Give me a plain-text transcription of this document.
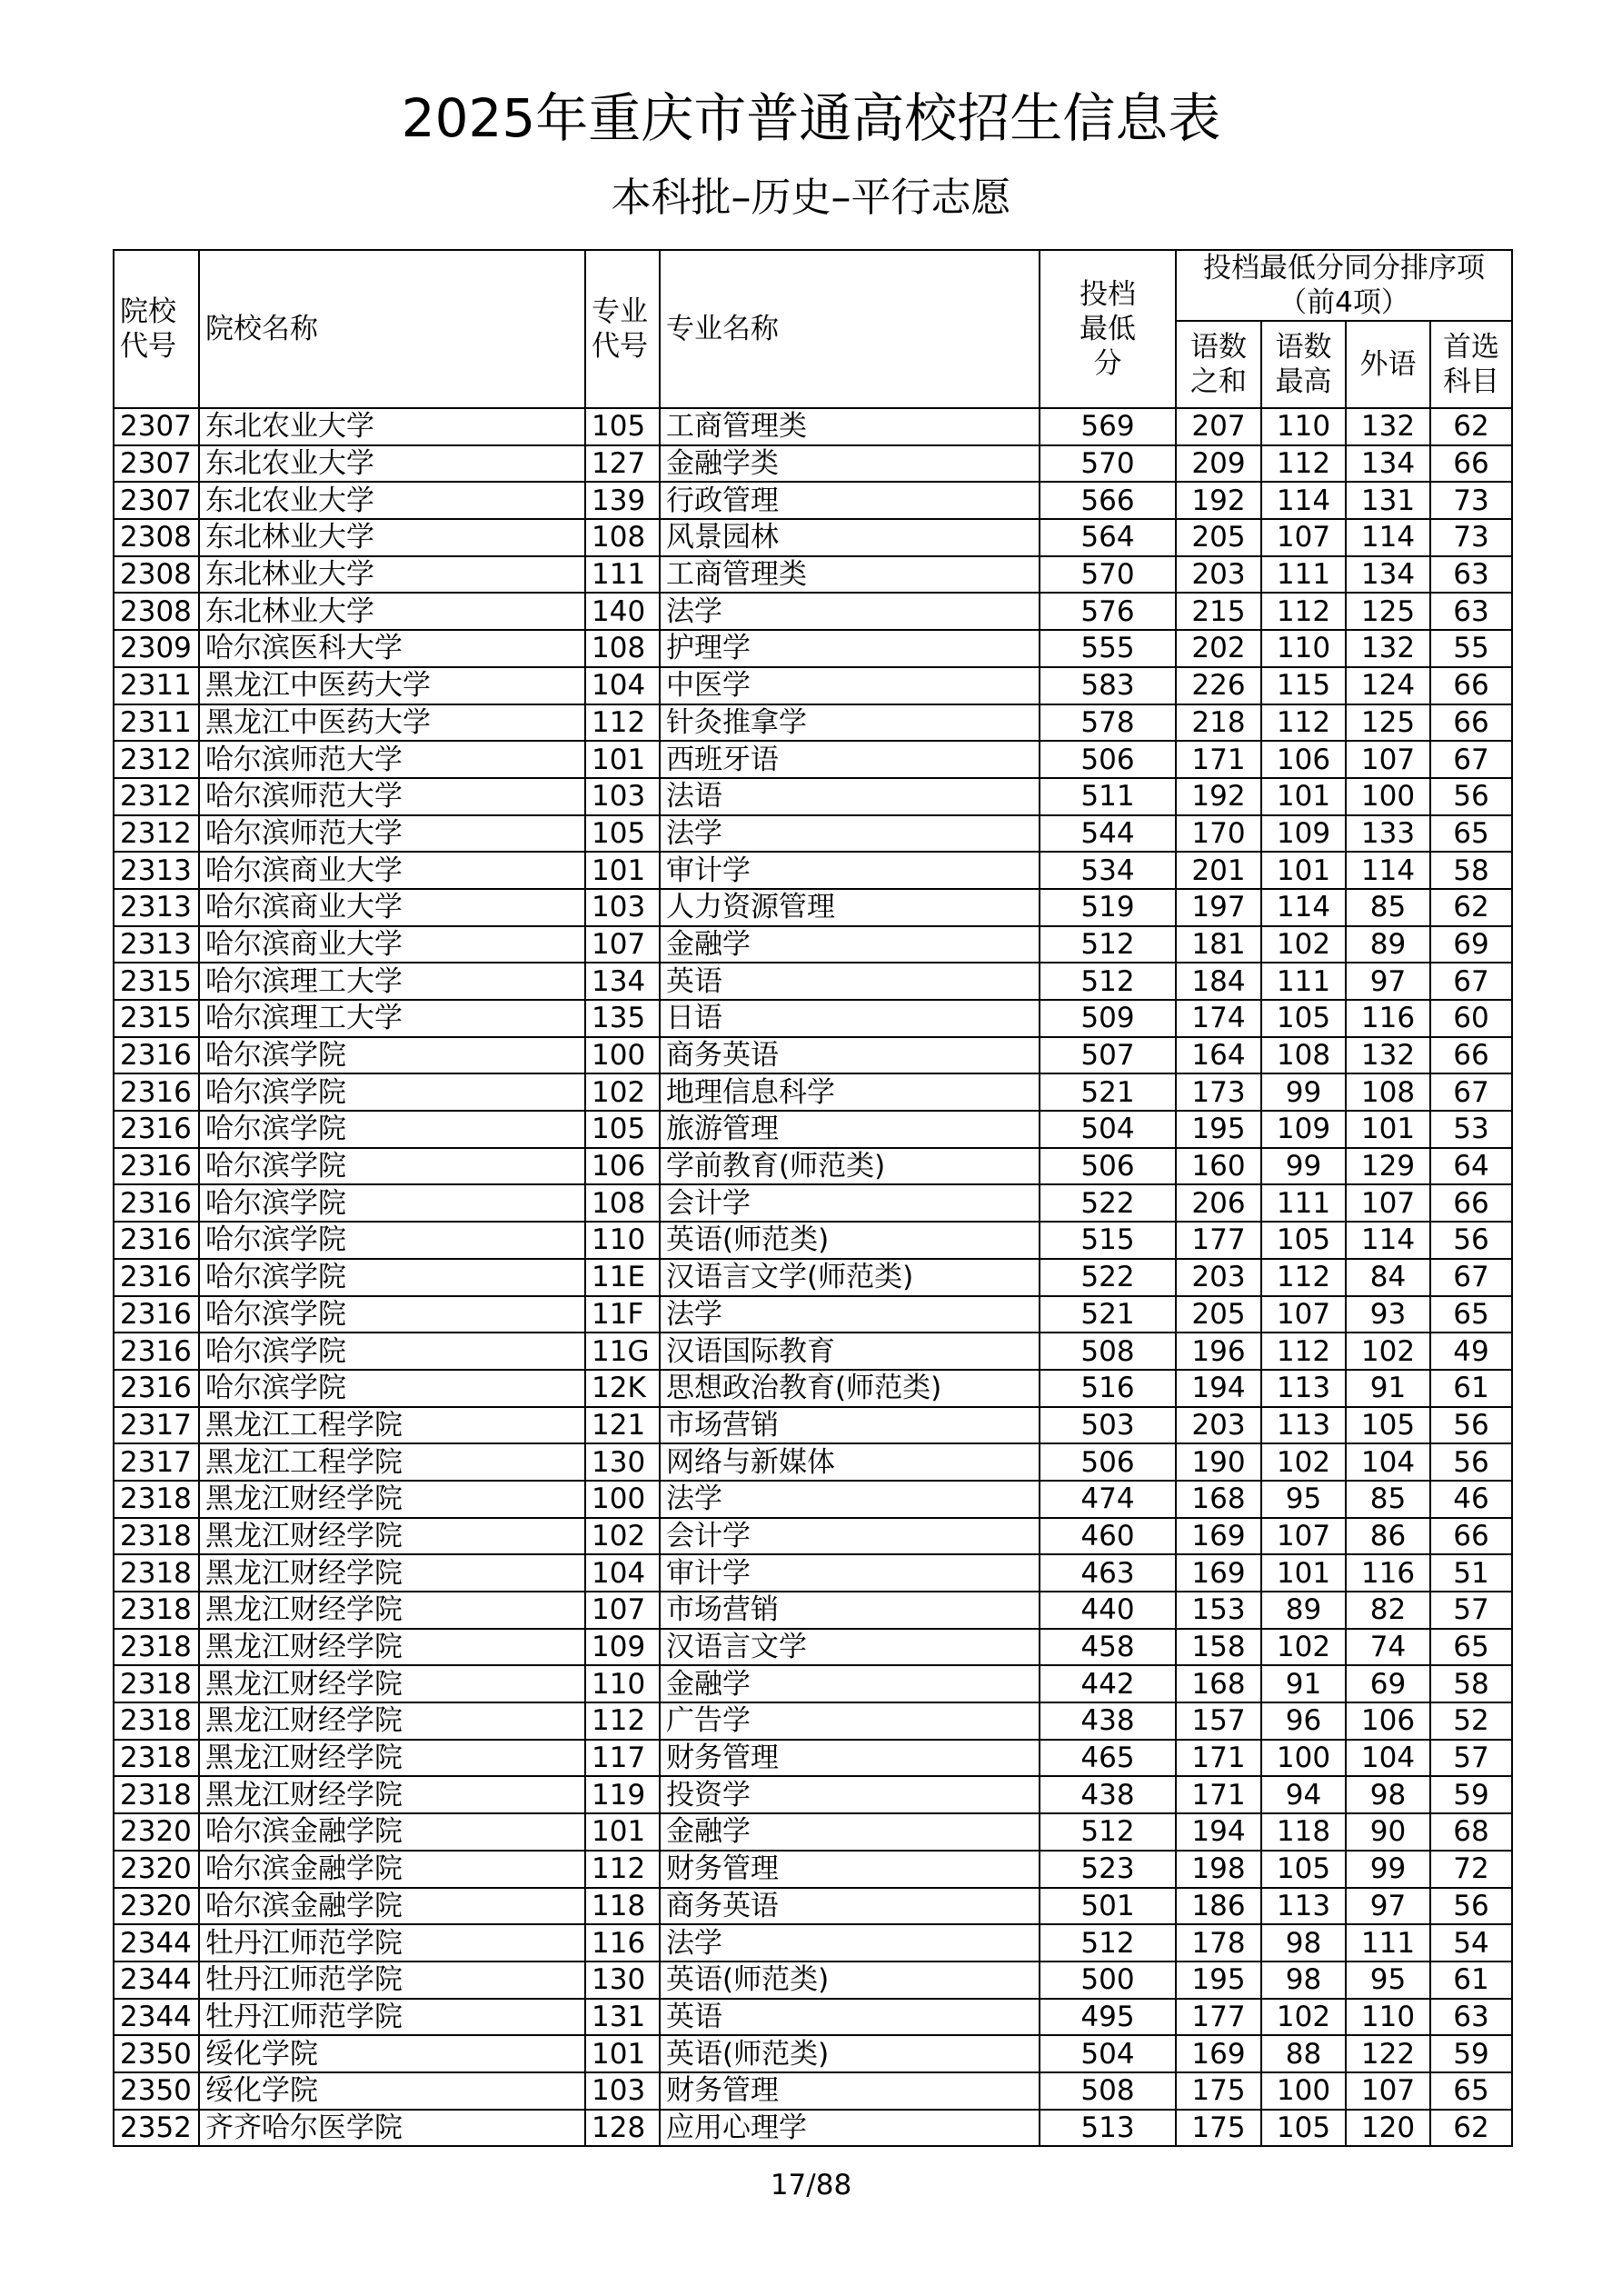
2025年重庆市普通高校招生信息表
本科批–历史–平行志愿
院校代号	院校名称	专业代号	专业名称	投档最低分	投档最低分同分排序项（前4项）			
					语数之和	语数最高	外语	首选科目
2307	东北农业大学	105	工商管理类	569	207	110	132	62
2307	东北农业大学	127	金融学类	570	209	112	134	66
2307	东北农业大学	139	行政管理	566	192	114	131	73
2308	东北林业大学	108	风景园林	564	205	107	114	73
2308	东北林业大学	111	工商管理类	570	203	111	134	63
2308	东北林业大学	140	法学	576	215	112	125	63
2309	哈尔滨医科大学	108	护理学	555	202	110	132	55
2311	黑龙江中医药大学	104	中医学	583	226	115	124	66
2311	黑龙江中医药大学	112	针灸推拿学	578	218	112	125	66
2312	哈尔滨师范大学	101	西班牙语	506	171	106	107	67
2312	哈尔滨师范大学	103	法语	511	192	101	100	56
2312	哈尔滨师范大学	105	法学	544	170	109	133	65
2313	哈尔滨商业大学	101	审计学	534	201	101	114	58
2313	哈尔滨商业大学	103	人力资源管理	519	197	114	85	62
2313	哈尔滨商业大学	107	金融学	512	181	102	89	69
2315	哈尔滨理工大学	134	英语	512	184	111	97	67
2315	哈尔滨理工大学	135	日语	509	174	105	116	60
2316	哈尔滨学院	100	商务英语	507	164	108	132	66
2316	哈尔滨学院	102	地理信息科学	521	173	99	108	67
2316	哈尔滨学院	105	旅游管理	504	195	109	101	53
2316	哈尔滨学院	106	学前教育(师范类)	506	160	99	129	64
2316	哈尔滨学院	108	会计学	522	206	111	107	66
2316	哈尔滨学院	110	英语(师范类)	515	177	105	114	56
2316	哈尔滨学院	11E	汉语言文学(师范类)	522	203	112	84	67
2316	哈尔滨学院	11F	法学	521	205	107	93	65
2316	哈尔滨学院	11G	汉语国际教育	508	196	112	102	49
2316	哈尔滨学院	12K	思想政治教育(师范类)	516	194	113	91	61
2317	黑龙江工程学院	121	市场营销	503	203	113	105	56
2317	黑龙江工程学院	130	网络与新媒体	506	190	102	104	56
2318	黑龙江财经学院	100	法学	474	168	95	85	46
2318	黑龙江财经学院	102	会计学	460	169	107	86	66
2318	黑龙江财经学院	104	审计学	463	169	101	116	51
2318	黑龙江财经学院	107	市场营销	440	153	89	82	57
2318	黑龙江财经学院	109	汉语言文学	458	158	102	74	65
2318	黑龙江财经学院	110	金融学	442	168	91	69	58
2318	黑龙江财经学院	112	广告学	438	157	96	106	52
2318	黑龙江财经学院	117	财务管理	465	171	100	104	57
2318	黑龙江财经学院	119	投资学	438	171	94	98	59
2320	哈尔滨金融学院	101	金融学	512	194	118	90	68
2320	哈尔滨金融学院	112	财务管理	523	198	105	99	72
2320	哈尔滨金融学院	118	商务英语	501	186	113	97	56
2344	牡丹江师范学院	116	法学	512	178	98	111	54
2344	牡丹江师范学院	130	英语(师范类)	500	195	98	95	61
2344	牡丹江师范学院	131	英语	495	177	102	110	63
2350	绥化学院	101	英语(师范类)	504	169	88	122	59
2350	绥化学院	103	财务管理	508	175	100	107	65
2352	齐齐哈尔医学院	128	应用心理学	513	175	105	120	62
17/88
